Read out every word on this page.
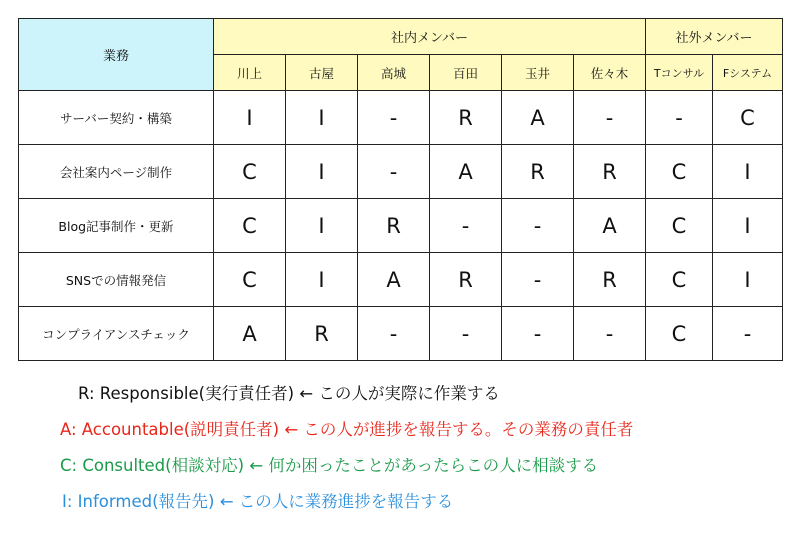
業務	社内メンバー						社外メンバー	
	川上	古屋	高城	百田	玉井	佐々木	Tコンサル	Fシステム
サーバー契約・構築	I	I	-	R	A	-	-	C
会社案内ページ制作	C	I	-	A	R	R	C	I
Blog記事制作・更新	C	I	R	-	-	A	C	I
SNSでの情報発信	C	I	A	R	-	R	C	I
コンプライアンスチェック	A	R	-	-	-	-	C	-
R: Responsible(実行責任者) ← この人が実際に作業する
A: Accountable(説明責任者) ← この人が進捗を報告する。その業務の責任者
C: Consulted(相談対応) ← 何か困ったことがあったらこの人に相談する
I: Informed(報告先) ← この人に業務進捗を報告する
